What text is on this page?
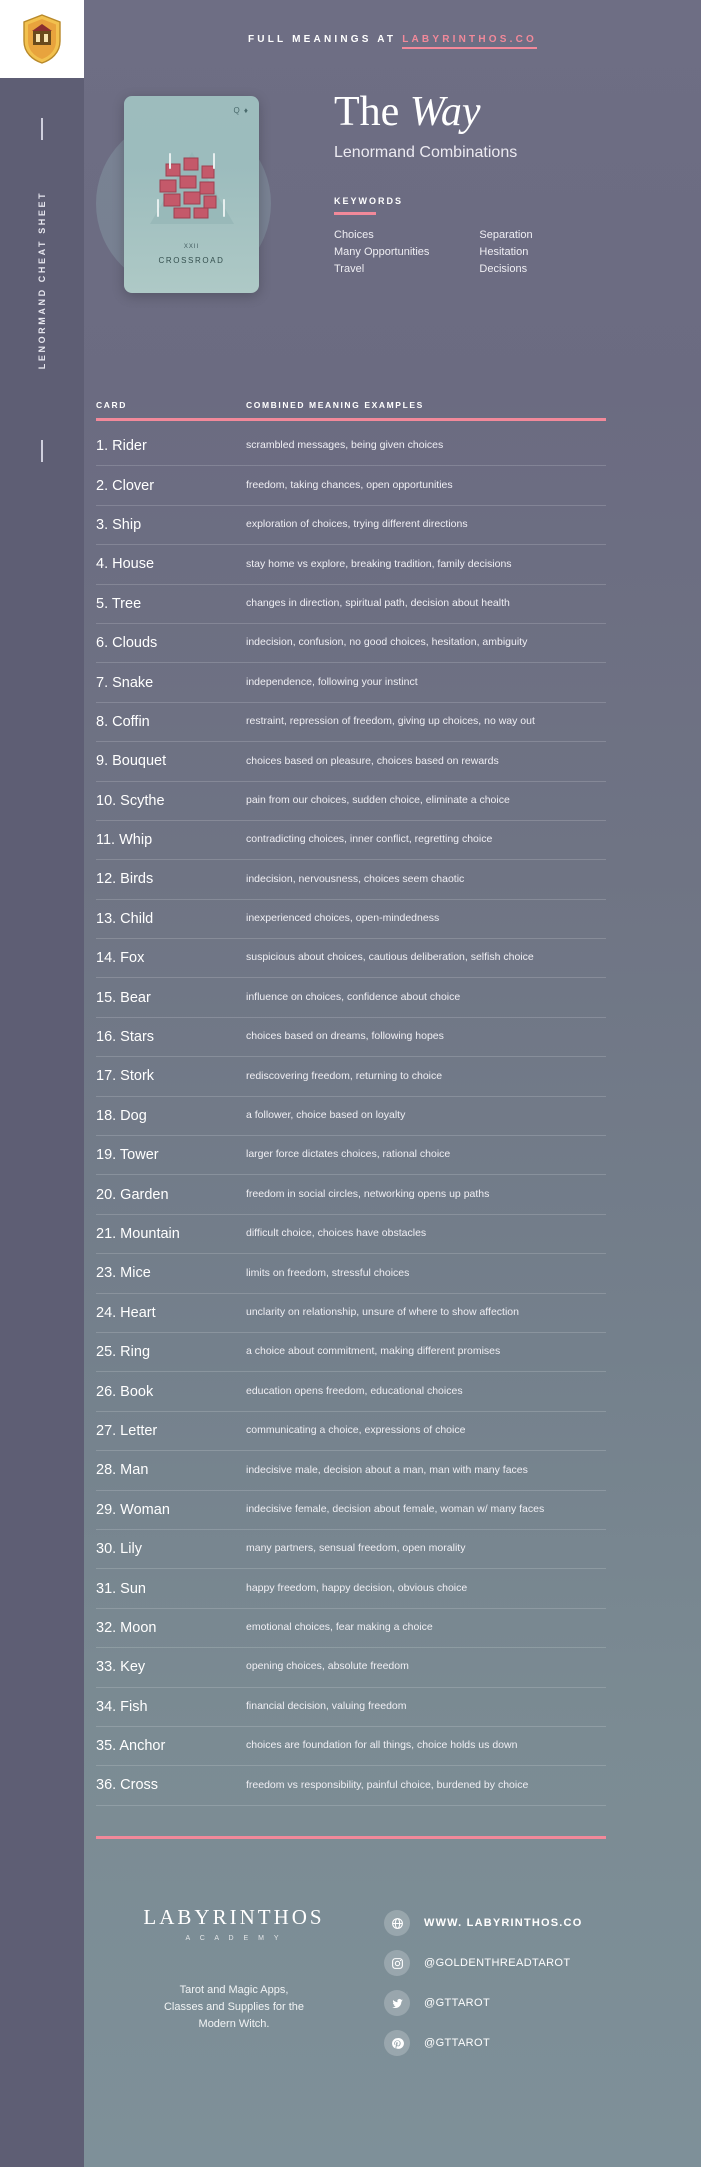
LENORMAND CHEAT SHEET
FULL MEANINGS AT LABYRINTHOS.CO
Q ♦
XXII
CROSSROAD
The Way
Lenormand Combinations
KEYWORDS
Choices
Many Opportunities
Travel
Separation
Hesitation
Decisions
CARD	COMBINED MEANING EXAMPLES
1. Rider	scrambled messages, being given choices
2. Clover	freedom, taking chances, open opportunities
3. Ship	exploration of choices, trying different directions
4. House	stay home vs explore, breaking tradition, family decisions
5. Tree	changes in direction, spiritual path, decision about health
6. Clouds	indecision, confusion, no good choices, hesitation, ambiguity
7. Snake	independence, following your instinct
8. Coffin	restraint, repression of freedom, giving up choices, no way out
9. Bouquet	choices based on pleasure, choices based on rewards
10. Scythe	pain from our choices, sudden choice, eliminate a choice
11. Whip	contradicting choices, inner conflict, regretting choice
12. Birds	indecision, nervousness, choices seem chaotic
13. Child	inexperienced choices, open-mindedness
14. Fox	suspicious about choices, cautious deliberation, selfish choice
15. Bear	influence on choices, confidence about choice
16. Stars	choices based on dreams, following hopes
17. Stork	rediscovering freedom, returning to choice
18. Dog	a follower, choice based on loyalty
19. Tower	larger force dictates choices, rational choice
20. Garden	freedom in social circles, networking opens up paths
21. Mountain	difficult choice, choices have obstacles
23. Mice	limits on freedom, stressful choices
24. Heart	unclarity on relationship, unsure of where to show affection
25. Ring	a choice about commitment, making different promises
26. Book	education opens freedom, educational choices
27. Letter	communicating a choice, expressions of choice
28. Man	indecisive male, decision about a man, man with many faces
29. Woman	indecisive female, decision about female, woman w/ many faces
30. Lily	many partners, sensual freedom, open morality
31. Sun	happy freedom, happy decision, obvious choice
32. Moon	emotional choices, fear making a choice
33. Key	opening choices, absolute freedom
34. Fish	financial decision, valuing freedom
35. Anchor	choices are foundation for all things, choice holds us down
36. Cross	freedom vs responsibility, painful choice, burdened by choice
LABYRINTHOS
A C A D E M Y
Tarot and Magic Apps,
Classes and Supplies for the
Modern Witch.
WWW. LABYRINTHOS.CO
@GOLDENTHREADTAROT
@GTTAROT
@GTTAROT
